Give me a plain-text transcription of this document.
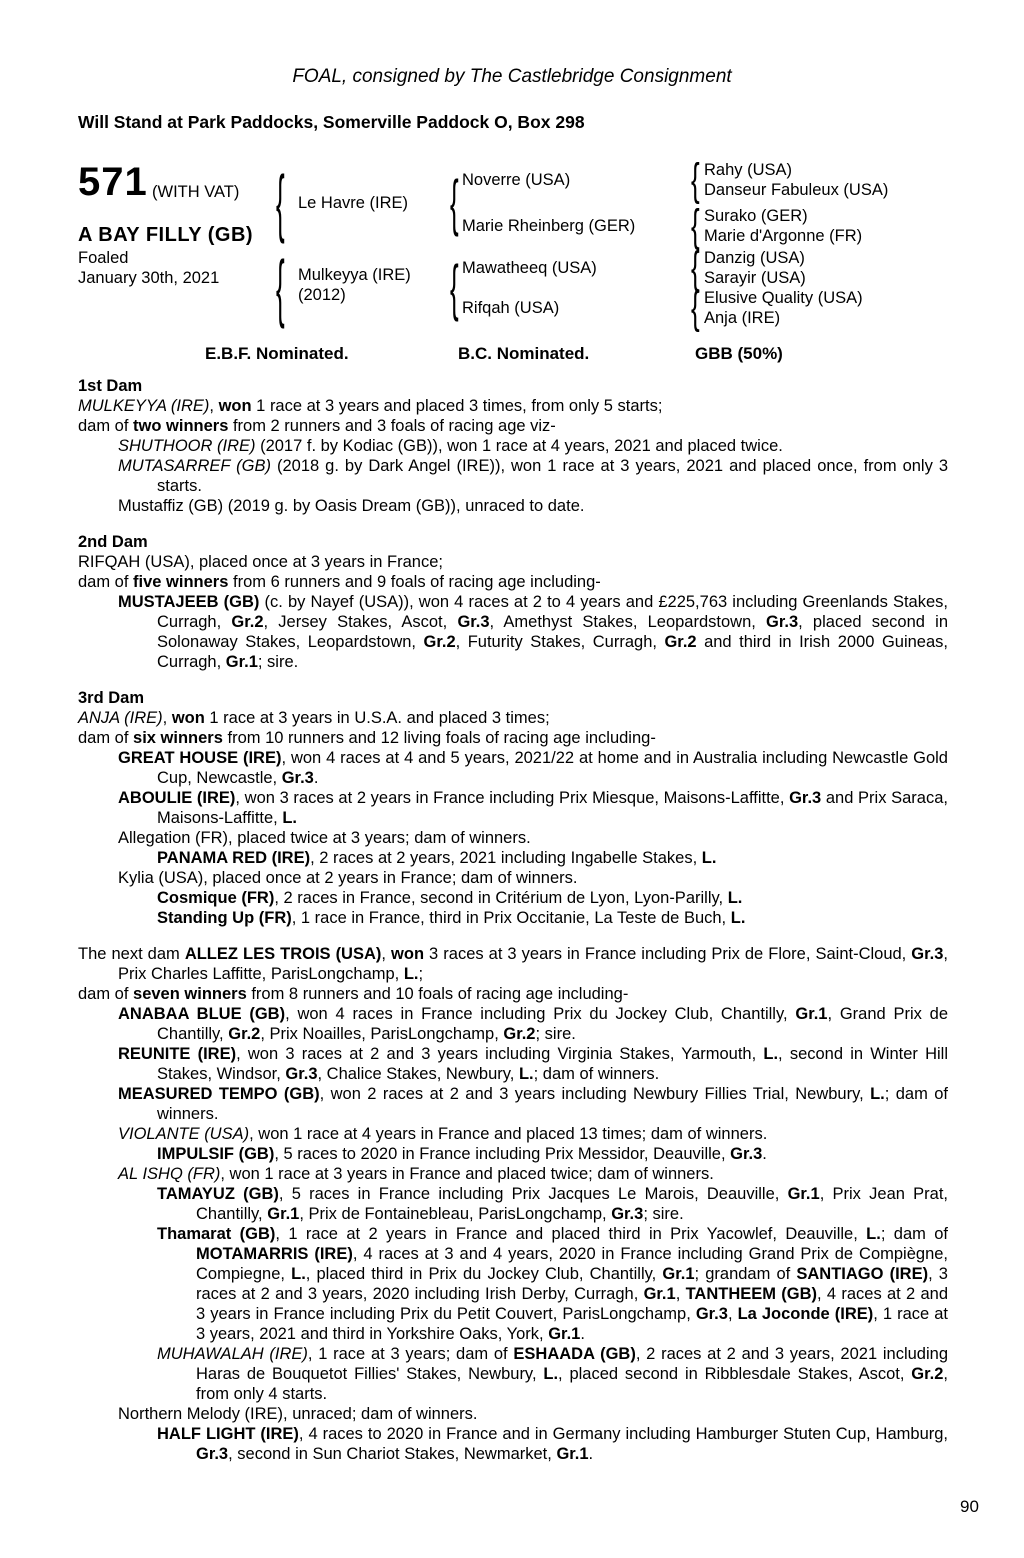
FOAL, consigned by The Castlebridge Consignment
Will Stand at Park Paddocks, Somerville Paddock O, Box 298
571 (WITH VAT)
A BAY FILLY (GB)
Foaled
January 30th, 2021
{
{
{
{
{
{
{
{
Le Havre (IRE)
Mulkeyya (IRE)
(2012)
Noverre (USA)
Marie Rheinberg (GER)
Mawatheeq (USA)
Rifqah (USA)
Rahy (USA)
Danseur Fabuleux (USA)
Surako (GER)
Marie d'Argonne (FR)
Danzig (USA)
Sarayir (USA)
Elusive Quality (USA)
Anja (IRE)
E.B.F. Nominated.	B.C. Nominated.	GBB (50%)
1st Dam

MULKEYYA (IRE), won 1 race at 3 years and placed 3 times, from only 5 starts;

dam of two winners from 2 runners and 3 foals of racing age viz-

SHUTHOOR (IRE) (2017 f. by Kodiac (GB)), won 1 race at 4 years, 2021 and placed twice.

MUTASARREF (GB) (2018 g. by Dark Angel (IRE)), won 1 race at 3 years, 2021 and placed once, from only 3 starts.

Mustaffiz (GB) (2019 g. by Oasis Dream (GB)), unraced to date.

2nd Dam

RIFQAH (USA), placed once at 3 years in France;

dam of five winners from 6 runners and 9 foals of racing age including-

MUSTAJEEB (GB) (c. by Nayef (USA)), won 4 races at 2 to 4 years and £225,763 including Greenlands Stakes, Curragh, Gr.2, Jersey Stakes, Ascot, Gr.3, Amethyst Stakes, Leopardstown, Gr.3, placed second in Solonaway Stakes, Leopardstown, Gr.2, Futurity Stakes, Curragh, Gr.2 and third in Irish 2000 Guineas, Curragh, Gr.1; sire.

3rd Dam

ANJA (IRE), won 1 race at 3 years in U.S.A. and placed 3 times;

dam of six winners from 10 runners and 12 living foals of racing age including-

GREAT HOUSE (IRE), won 4 races at 4 and 5 years, 2021/22 at home and in Australia including Newcastle Gold Cup, Newcastle, Gr.3.

ABOULIE (IRE), won 3 races at 2 years in France including Prix Miesque, Maisons-Laffitte, Gr.3 and Prix Saraca, Maisons-Laffitte, L.

Allegation (FR), placed twice at 3 years; dam of winners.

PANAMA RED (IRE), 2 races at 2 years, 2021 including Ingabelle Stakes, L.

Kylia (USA), placed once at 2 years in France; dam of winners.

Cosmique (FR), 2 races in France, second in Critérium de Lyon, Lyon-Parilly, L.

Standing Up (FR), 1 race in France, third in Prix Occitanie, La Teste de Buch, L.

The next dam ALLEZ LES TROIS (USA), won 3 races at 3 years in France including Prix de Flore, Saint-Cloud, Gr.3, Prix Charles Laffitte, ParisLongchamp, L.;

dam of seven winners from 8 runners and 10 foals of racing age including-

ANABAA BLUE (GB), won 4 races in France including Prix du Jockey Club, Chantilly, Gr.1, Grand Prix de Chantilly, Gr.2, Prix Noailles, ParisLongchamp, Gr.2; sire.

REUNITE (IRE), won 3 races at 2 and 3 years including Virginia Stakes, Yarmouth, L., second in Winter Hill Stakes, Windsor, Gr.3, Chalice Stakes, Newbury, L.; dam of winners.

MEASURED TEMPO (GB), won 2 races at 2 and 3 years including Newbury Fillies Trial, Newbury, L.; dam of winners.

VIOLANTE (USA), won 1 race at 4 years in France and placed 13 times; dam of winners.

IMPULSIF (GB), 5 races to 2020 in France including Prix Messidor, Deauville, Gr.3.

AL ISHQ (FR), won 1 race at 3 years in France and placed twice; dam of winners.

TAMAYUZ (GB), 5 races in France including Prix Jacques Le Marois, Deauville, Gr.1, Prix Jean Prat, Chantilly, Gr.1, Prix de Fontainebleau, ParisLongchamp, Gr.3; sire.

Thamarat (GB), 1 race at 2 years in France and placed third in Prix Yacowlef, Deauville, L.; dam of MOTAMARRIS (IRE), 4 races at 3 and 4 years, 2020 in France including Grand Prix de Compiègne, Compiegne, L., placed third in Prix du Jockey Club, Chantilly, Gr.1; grandam of SANTIAGO (IRE), 3 races at 2 and 3 years, 2020 including Irish Derby, Curragh, Gr.1, TANTHEEM (GB), 4 races at 2 and 3 years in France including Prix du Petit Couvert, ParisLongchamp, Gr.3, La Joconde (IRE), 1 race at 3 years, 2021 and third in Yorkshire Oaks, York, Gr.1.

MUHAWALAH (IRE), 1 race at 3 years; dam of ESHAADA (GB), 2 races at 2 and 3 years, 2021 including Haras de Bouquetot Fillies' Stakes, Newbury, L., placed second in Ribblesdale Stakes, Ascot, Gr.2, from only 4 starts.

Northern Melody (IRE), unraced; dam of winners.

HALF LIGHT (IRE), 4 races to 2020 in France and in Germany including Hamburger Stuten Cup, Hamburg, Gr.3, second in Sun Chariot Stakes, Newmarket, Gr.1.

90
